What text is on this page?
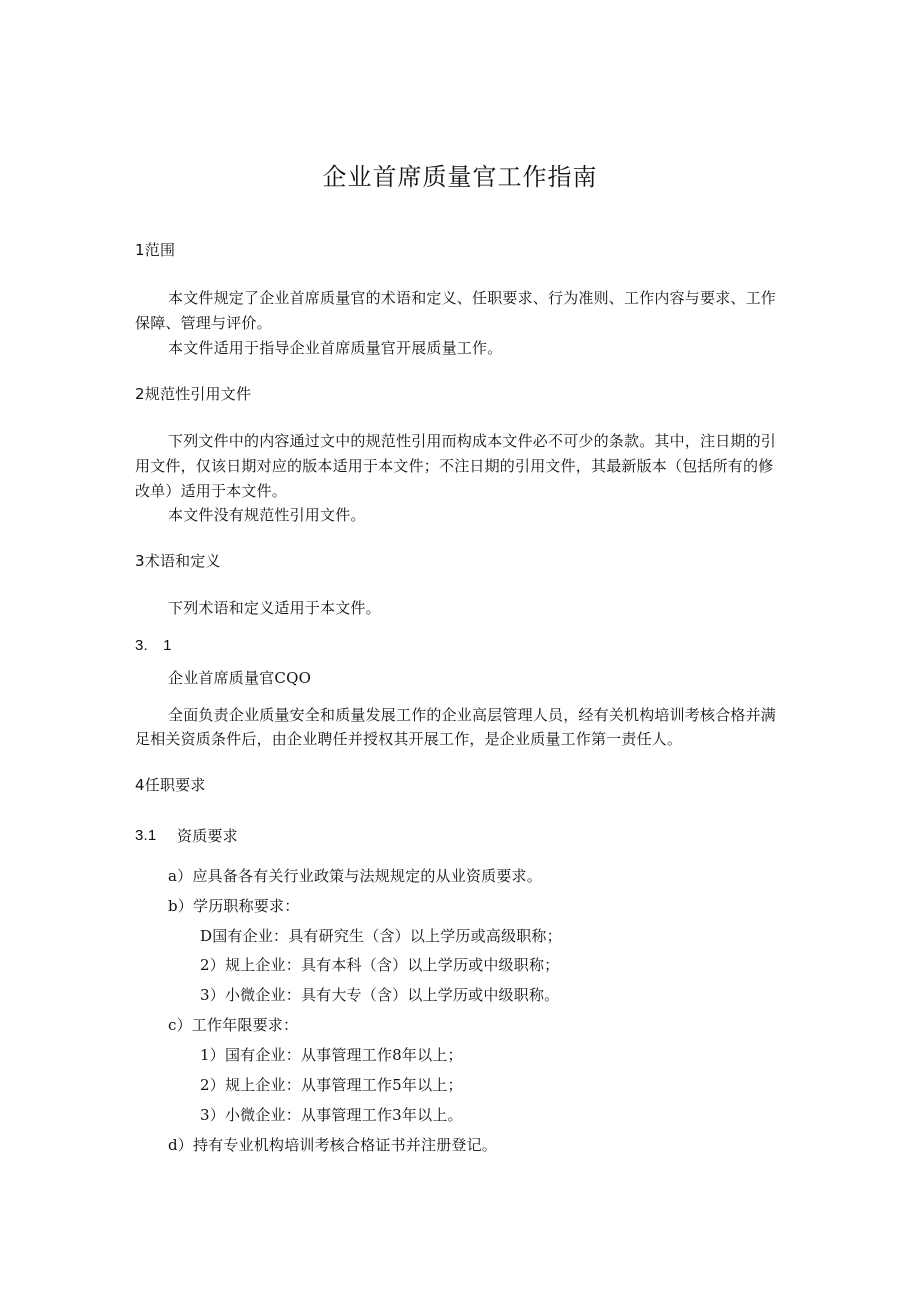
企业首席质量官工作指南
1范围
本文件规定了企业首席质量官的术语和定义、任职要求、行为准则、工作内容与要求、工作
保障、管理与评价。
本文件适用于指导企业首席质量官开展质量工作。
2规范性引用文件
下列文件中的内容通过文中的规范性引用而构成本文件必不可少的条款。其中，注日期的引
用文件，仅该日期对应的版本适用于本文件；不注日期的引用文件，其最新版本（包括所有的修
改单）适用于本文件。
本文件没有规范性引用文件。
3术语和定义
下列术语和定义适用于本文件。
3.　1
企业首席质量官CQO
全面负责企业质量安全和质量发展工作的企业高层管理人员，经有关机构培训考核合格并满
足相关资质条件后，由企业聘任并授权其开展工作，是企业质量工作第一责任人。
4任职要求
3.1 资质要求
a）应具备各有关行业政策与法规规定的从业资质要求。
b）学历职称要求：
D国有企业：具有研究生（含）以上学历或高级职称；
2）规上企业：具有本科（含）以上学历或中级职称；
3）小微企业：具有大专（含）以上学历或中级职称。
c）工作年限要求：
1）国有企业：从事管理工作8年以上；
2）规上企业：从事管理工作5年以上；
3）小微企业：从事管理工作3年以上。
d）持有专业机构培训考核合格证书并注册登记。
